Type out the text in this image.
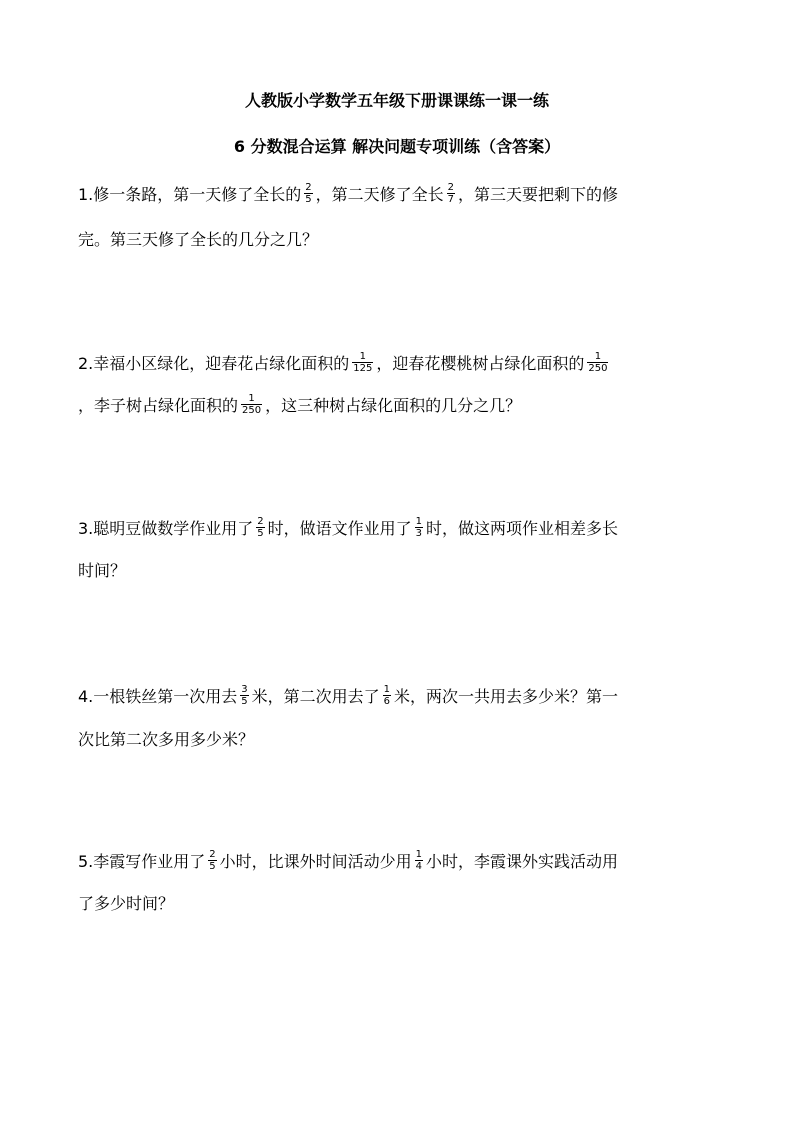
人教版小学数学五年级下册课课练一课一练
6 分数混合运算 解决问题专项训练（含答案）
1.修一条路，第一天修了全长的 $\frac{2}{5}$ ，第二天修了全长 $\frac{2}{7}$ ，第三天要把剩下的修
完。第三天修了全长的几分之几？
2.幸福小区绿化，迎春花占绿化面积的 $\frac{1}{125}$ ，迎春花樱桃树占绿化面积的 $\frac{1}{250}$
，李子树占绿化面积的 $\frac{1}{250}$ ，这三种树占绿化面积的几分之几？
3.聪明豆做数学作业用了 $\frac{2}{5}$ 时，做语文作业用了 $\frac{1}{3}$ 时，做这两项作业相差多长
时间？
4.一根铁丝第一次用去 $\frac{3}{5}$ 米，第二次用去了 $\frac{1}{6}$ 米，两次一共用去多少米？第一
次比第二次多用多少米？
5.李霞写作业用了 $\frac{2}{5}$ 小时，比课外时间活动少用 $\frac{1}{4}$ 小时，李霞课外实践活动用
了多少时间？
